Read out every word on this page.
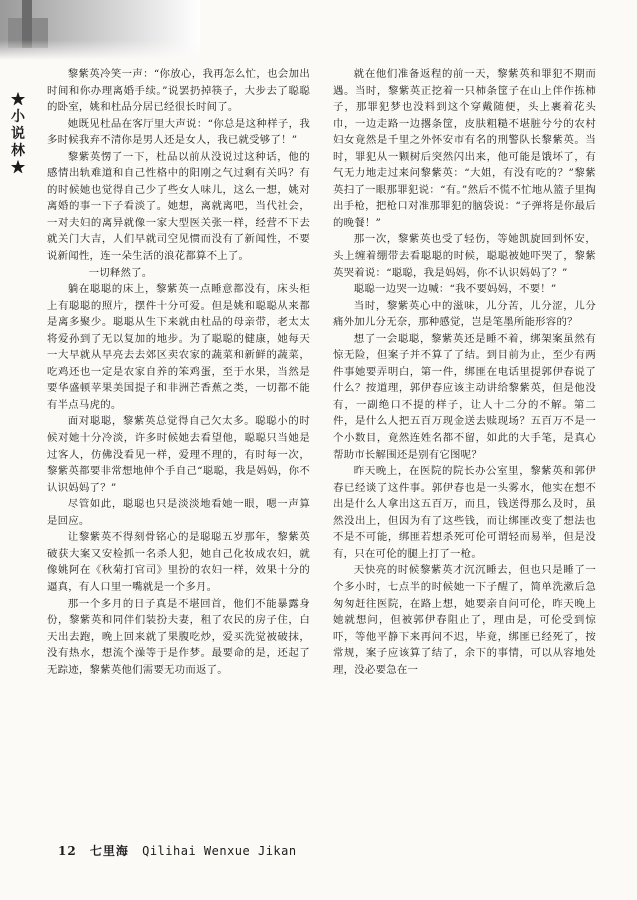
★小说林★

黎紫英冷笑一声：“你放心，我再怎么忙，也会加出时间和你办理离婚手续。”说罢扔掉筷子，大步去了聪聪的卧室，姚和杜品分居已经很长时间了。

她既见杜品在客厅里大声说：“你总是这种样子，我多时候我弃不清你是男人还是女人，我已就受够了！”

黎紫英愣了一下，杜品以前从没说过这种话，他的感情出轨难道和自己性格中的阳刚之气过剩有关吗？有的时候她也觉得自己少了些女人味儿，这么一想，姚对离婚的事一下子看淡了。她想，离就离吧，当代社会，一对夫妇的离异就像一家大型医关张一样，经营不下去就关门大吉，人们早就司空见惯而没有了新闻性，不要说新闻性，连一朵生活的浪花都算不上了。

一切释然了。

躺在聪聪的床上，黎紫英一点睡意都没有，床头柜上有聪聪的照片，摆件十分可爱。但是姚和聪聪从来都是离多聚少。聪聪从生下来就由杜品的母亲带，老太太将爱孙到了无以复加的地步。为了聪聪的健康，她每天一大早就从早亮去去郊区卖农家的蔬菜和新鲜的蔬菜，吃鸡还也一定是农家自养的笨鸡蛋，至于水果，当然是要华盛顿苹果美国提子和非洲芒香蕉之类，一切都不能有半点马虎的。

面对聪聪，黎紫英总觉得自己欠太多。聪聪小的时候对她十分冷淡，许多时候她去看望他，聪聪只当她是过客人，仿佛没看见一样，爱理不理的，有时每一次，黎紫英都要非常想地伸个手自己“聪聪，我是妈妈，你不认识妈妈了？”

尽管如此，聪聪也只是淡淡地看她一眼，嗯一声算是回应。

让黎紫英不得刻骨铭心的是聪聪五岁那年，黎紫英破获大案又安检抓一名杀人犯，她自己化妆成农妇，就像姚阿在《秋菊打官司》里扮的农妇一样，效果十分的逼真，有人口里一嘴就是一个多月。

那一个多月的日子真是不堪回首，他们不能暴露身份，黎紫英和同伴们装扮夫妻，租了农民的房子住，白天出去跑，晚上回来就了果腹吃炒，爱买洗觉被破抹，没有热水，想流个澡等于是作梦。最要命的是，还起了无踪迹，黎紫英他们需要无功而返了。

就在他们准备返程的前一天，黎紫英和罪犯不期而遇。当时，黎紫英正挖着一只柿条筐子在山上伴作拣柿子，那罪犯梦也没料到这个穿戴随便，头上裹着花头巾，一边走路一边撂条筐，皮肤粗糙不堪脏兮兮的农村妇女竟然是千里之外怀安市有名的刑警队长黎紫英。当时，罪犯从一颗树后突然闪出来，他可能是饿坏了，有气无力地走过来问黎紫英：“大姐，有没有吃的？”黎紫英扫了一眼那罪犯说：“有。”然后不慌不忙地从篮子里掏出手枪，把枪口对准那罪犯的脑袋说：“子弹将是你最后的晚餐！”

那一次，黎紫英也受了轻伤，等她凯旋回到怀安，头上缠着绷带去看聪聪的时候，聪聪被她吓哭了，黎紫英哭着说：“聪聪，我是妈妈，你不认识妈妈了？”

聪聪一边哭一边喊：“我不要妈妈，不要！”

当时，黎紫英心中的滋味，儿分苦，儿分涩，儿分痛外加儿分无奈，那种感觉，岂是笔墨所能形容的？

想了一会聪聪，黎紫英还是睡不着，绑架案虽然有惊无险，但案子并不算了了结。到目前为止，至少有两件事她要弄明白，第一件，绑匪在电话里提郭伊春说了什么？按道理，郭伊春应该主动讲给黎紫英，但是他没有，一副绝口不提的样子，让人十二分的不解。第二件，是什么人把五百万现金送去赎现场？五百万不是一个小数目，竟然连姓名都不留，如此的大手笔，是真心帮助市长解围还是别有它图呢？

昨天晚上，在医院的院长办公室里，黎紫英和郭伊春已经谈了这件事。郭伊春也是一头雾水，他实在想不出是什么人拿出这五百万，而且，钱送得那么及时，虽然没出上，但因为有了这些钱，而让绑匪改变了想法也不是不可能，绑匪若想杀死可伦可谓轻而易举，但是没有，只在可伦的腿上打了一枪。

天快亮的时候黎紫英才沉沉睡去，但也只是睡了一个多小时，七点半的时候她一下子醒了，简单洗漱后急匆匆赶往医院，在路上想，她要亲自问可伦，昨天晚上她就想问，但被郭伊春阻止了，理由是，可伦受到惊吓，等他平静下来再问不迟，毕竟，绑匪已经死了，按常规，案子应该算了结了，余下的事情，可以从容地处理，没必要急在一

12 七里海 Qilihai Wenxue Jikan
